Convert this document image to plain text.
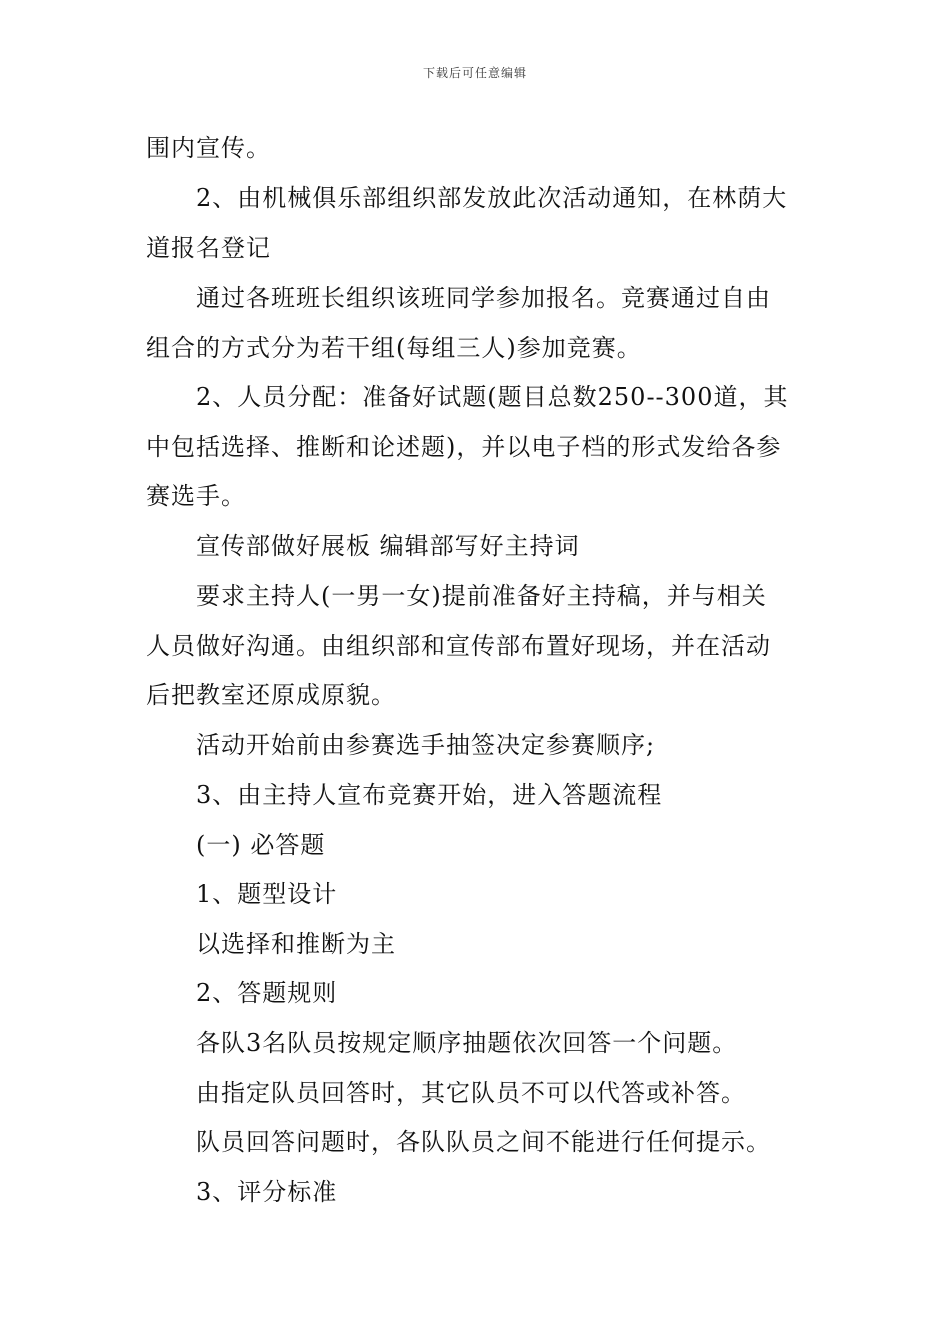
下载后可任意编辑
围内宣传。
2、由机械俱乐部组织部发放此次活动通知，在林荫大
道报名登记
通过各班班长组织该班同学参加报名。竞赛通过自由
组合的方式分为若干组(每组三人)参加竞赛。
2、人员分配：准备好试题(题目总数250--300道，其
中包括选择、推断和论述题)，并以电子档的形式发给各参
赛选手。
宣传部做好展板 编辑部写好主持词
要求主持人(一男一女)提前准备好主持稿，并与相关
人员做好沟通。由组织部和宣传部布置好现场，并在活动
后把教室还原成原貌。
活动开始前由参赛选手抽签决定参赛顺序;
3、由主持人宣布竞赛开始，进入答题流程
(一) 必答题
1、题型设计
以选择和推断为主
2、答题规则
各队3名队员按规定顺序抽题依次回答一个问题。
由指定队员回答时，其它队员不可以代答或补答。
队员回答问题时，各队队员之间不能进行任何提示。
3、评分标准
